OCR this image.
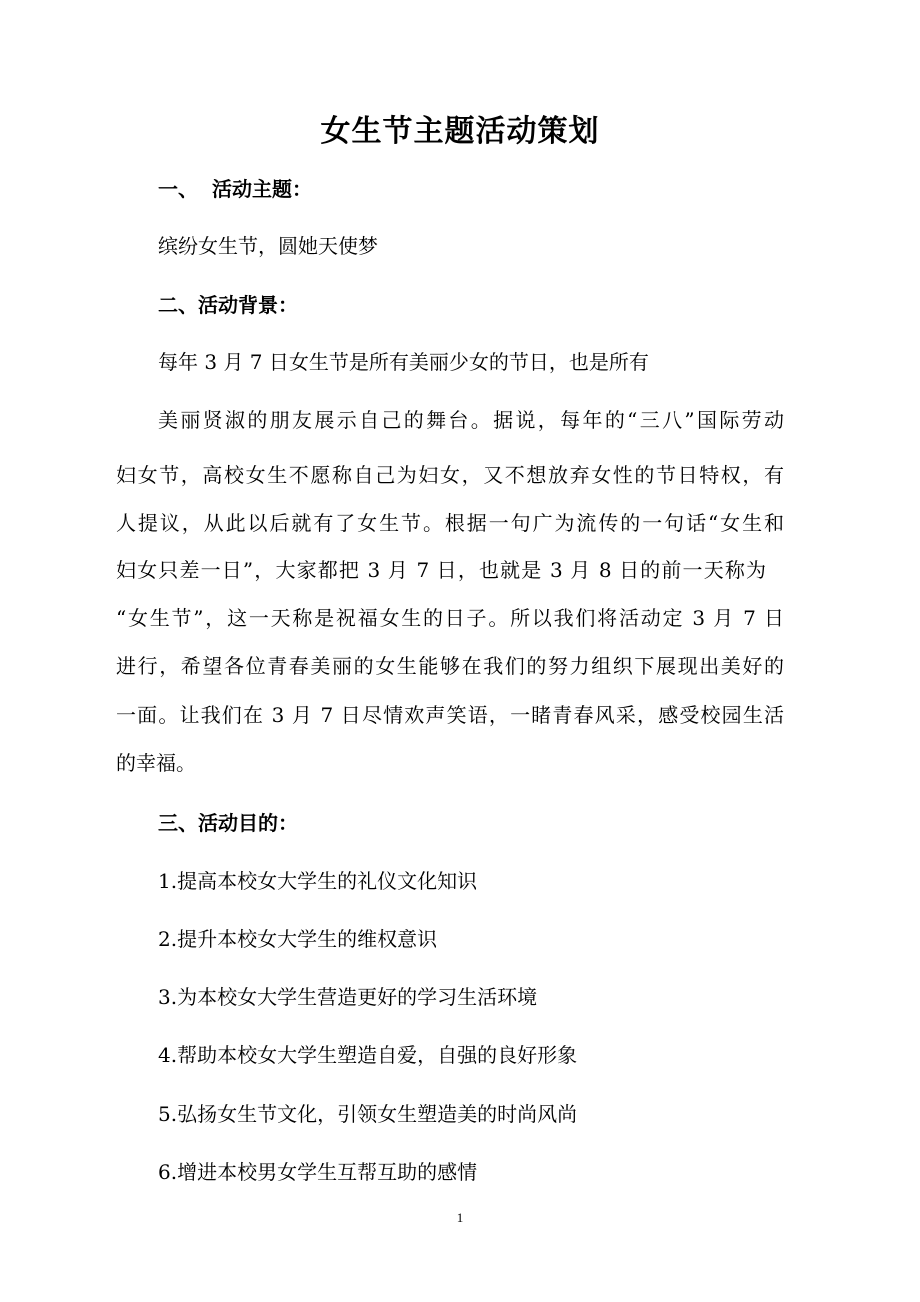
女生节主题活动策划
一、 活动主题：
缤纷女生节，圆她天使梦
二、活动背景：
每年 3 月 7 日女生节是所有美丽少女的节日，也是所有
美丽贤淑的朋友展示自己的舞台。据说，每年的“三八”国际劳动
妇女节，高校女生不愿称自己为妇女，又不想放弃女性的节日特权，有
人提议，从此以后就有了女生节。根据一句广为流传的一句话“女生和
妇女只差一日”，大家都把 3 月 7 日，也就是 3 月 8 日的前一天称为
“女生节”，这一天称是祝福女生的日子。所以我们将活动定 3 月 7 日
进行，希望各位青春美丽的女生能够在我们的努力组织下展现出美好的
一面。让我们在 3 月 7 日尽情欢声笑语，一睹青春风采，感受校园生活
的幸福。
三、活动目的：
1.提高本校女大学生的礼仪文化知识
2.提升本校女大学生的维权意识
3.为本校女大学生营造更好的学习生活环境
4.帮助本校女大学生塑造自爱，自强的良好形象
5.弘扬女生节文化，引领女生塑造美的时尚风尚
6.增进本校男女学生互帮互助的感情
1
